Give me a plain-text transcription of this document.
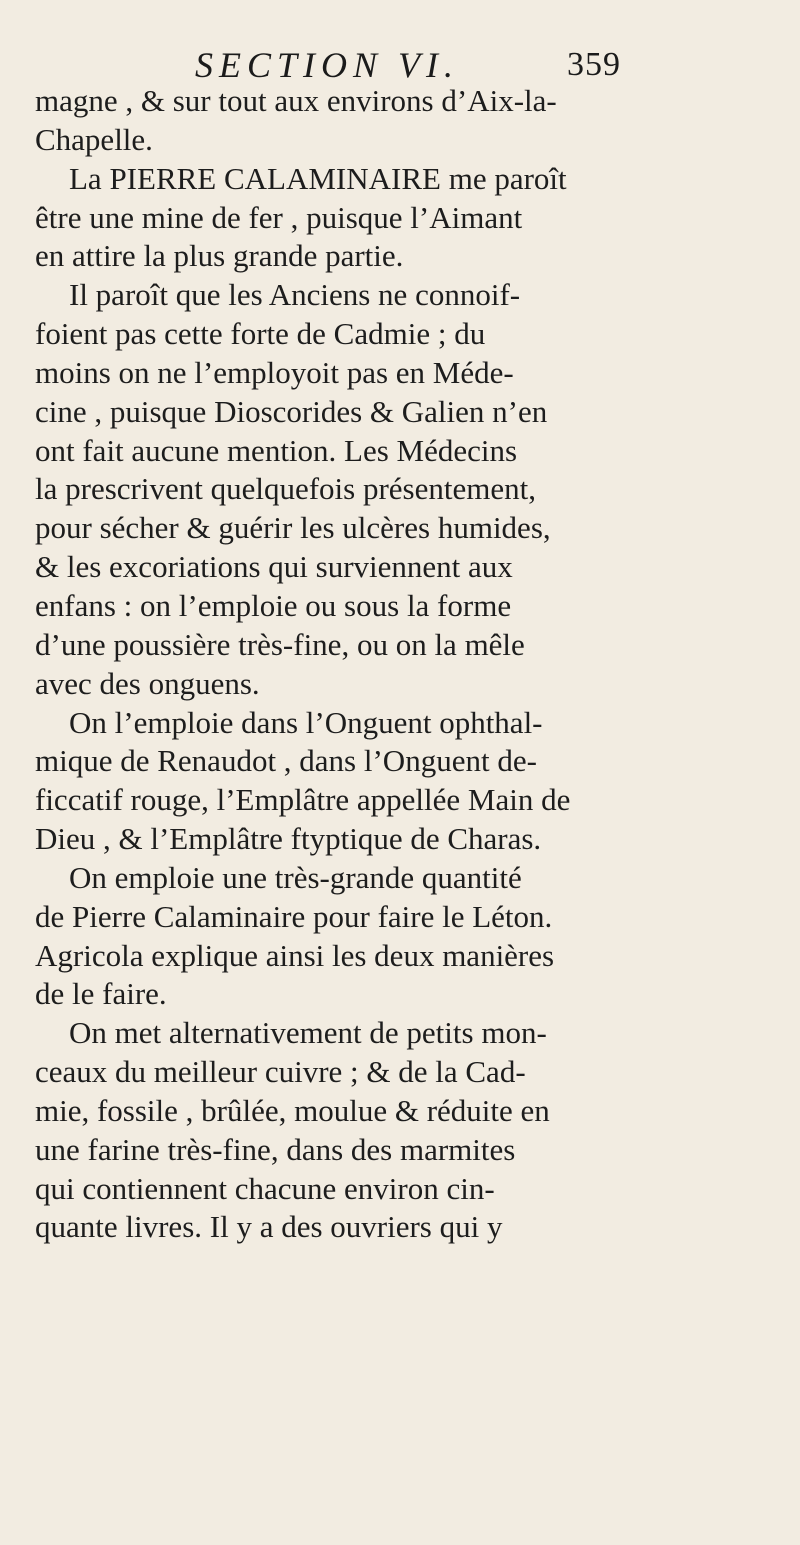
SECTION VI.	359
magne , & sur tout aux environs d’Aix-la-
Chapelle.
La PIERRE CALAMINAIRE me paroît
être une mine de fer , puisque l’Aimant
en attire la plus grande partie.
Il paroît que les Anciens ne connoif-
foient pas cette forte de Cadmie ; du
moins on ne l’employoit pas en Méde-
cine , puisque Dioscorides & Galien n’en
ont fait aucune mention. Les Médecins
la prescrivent quelquefois présentement,
pour sécher & guérir les ulcères humides,
& les excoriations qui surviennent aux
enfans : on l’emploie ou sous la forme
d’une poussière très-fine, ou on la mêle
avec des onguens.
On l’emploie dans l’Onguent ophthal-
mique de Renaudot , dans l’Onguent de-
ficcatif rouge, l’Emplâtre appellée Main de
Dieu , & l’Emplâtre ftyptique de Charas.
On emploie une très-grande quantité
de Pierre Calaminaire pour faire le Léton.
Agricola explique ainsi les deux manières
de le faire.
On met alternativement de petits mon-
ceaux du meilleur cuivre ; & de la Cad-
mie, fossile , brûlée, moulue & réduite en
une farine très-fine, dans des marmites
qui contiennent chacune environ cin-
quante livres. Il y a des ouvriers qui y
